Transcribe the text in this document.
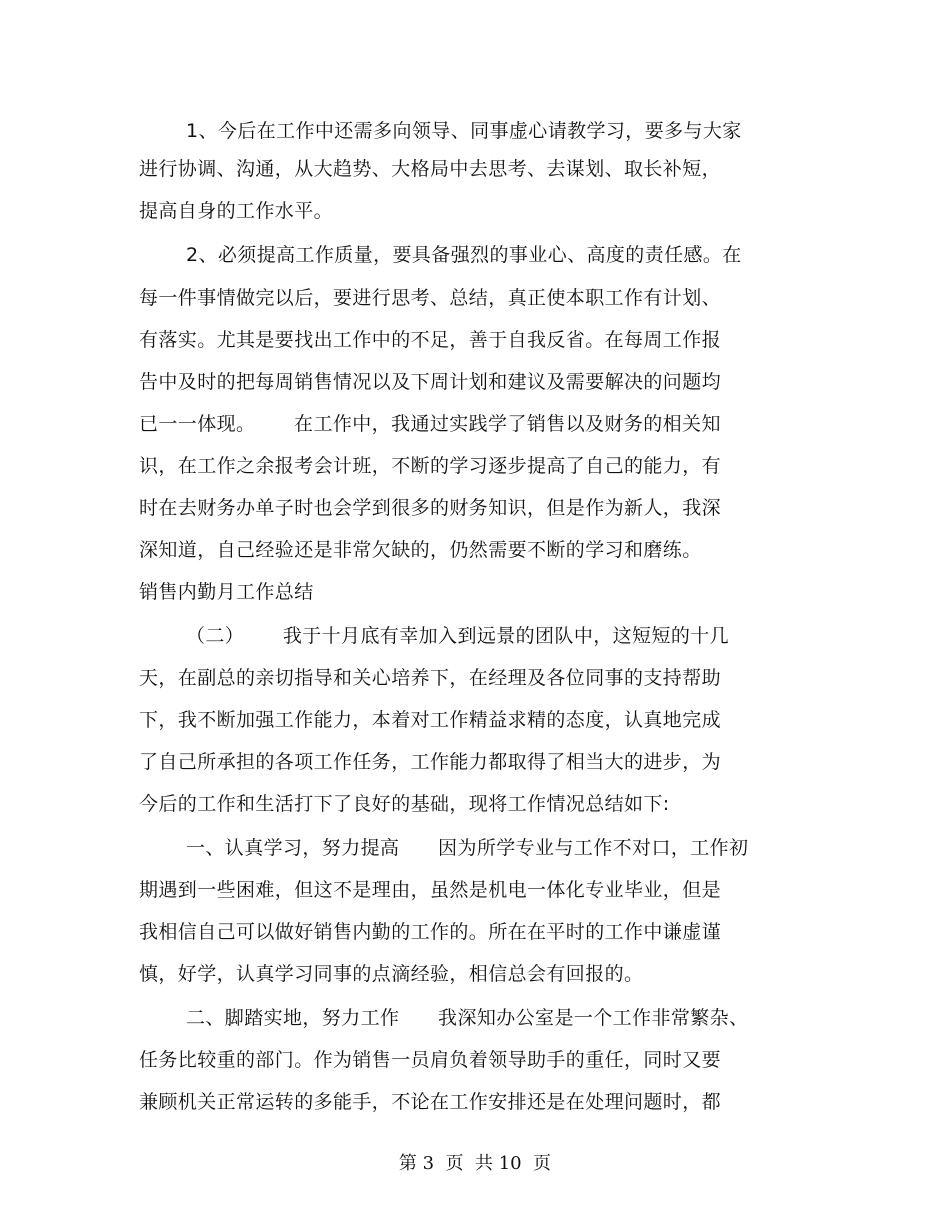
1、今后在工作中还需多向领导、同事虚心请教学习，要多与大家
进行协调、沟通，从大趋势、大格局中去思考、去谋划、取长补短，
提高自身的工作水平。
2、必须提高工作质量，要具备强烈的事业心、高度的责任感。在
每一件事情做完以后，要进行思考、总结，真正使本职工作有计划、
有落实。尤其是要找出工作中的不足，善于自我反省。在每周工作报
告中及时的把每周销售情况以及下周计划和建议及需要解决的问题均
已一一体现。      在工作中，我通过实践学了销售以及财务的相关知
识，在工作之余报考会计班，不断的学习逐步提高了自己的能力，有
时在去财务办单子时也会学到很多的财务知识，但是作为新人，我深
深知道，自己经验还是非常欠缺的，仍然需要不断的学习和磨练。
销售内勤月工作总结
（二）      我于十月底有幸加入到远景的团队中，这短短的十几
天，在副总的亲切指导和关心培养下，在经理及各位同事的支持帮助
下，我不断加强工作能力，本着对工作精益求精的态度，认真地完成
了自己所承担的各项工作任务，工作能力都取得了相当大的进步，为
今后的工作和生活打下了良好的基础，现将工作情况总结如下:
一、认真学习，努力提高      因为所学专业与工作不对口，工作初
期遇到一些困难，但这不是理由，虽然是机电一体化专业毕业，但是
我相信自己可以做好销售内勤的工作的。所在在平时的工作中谦虚谨
慎，好学，认真学习同事的点滴经验，相信总会有回报的。
二、脚踏实地，努力工作      我深知办公室是一个工作非常繁杂、
任务比较重的部门。作为销售一员肩负着领导助手的重任，同时又要
兼顾机关正常运转的多能手，不论在工作安排还是在处理问题时，都
第 3  页  共 10  页
